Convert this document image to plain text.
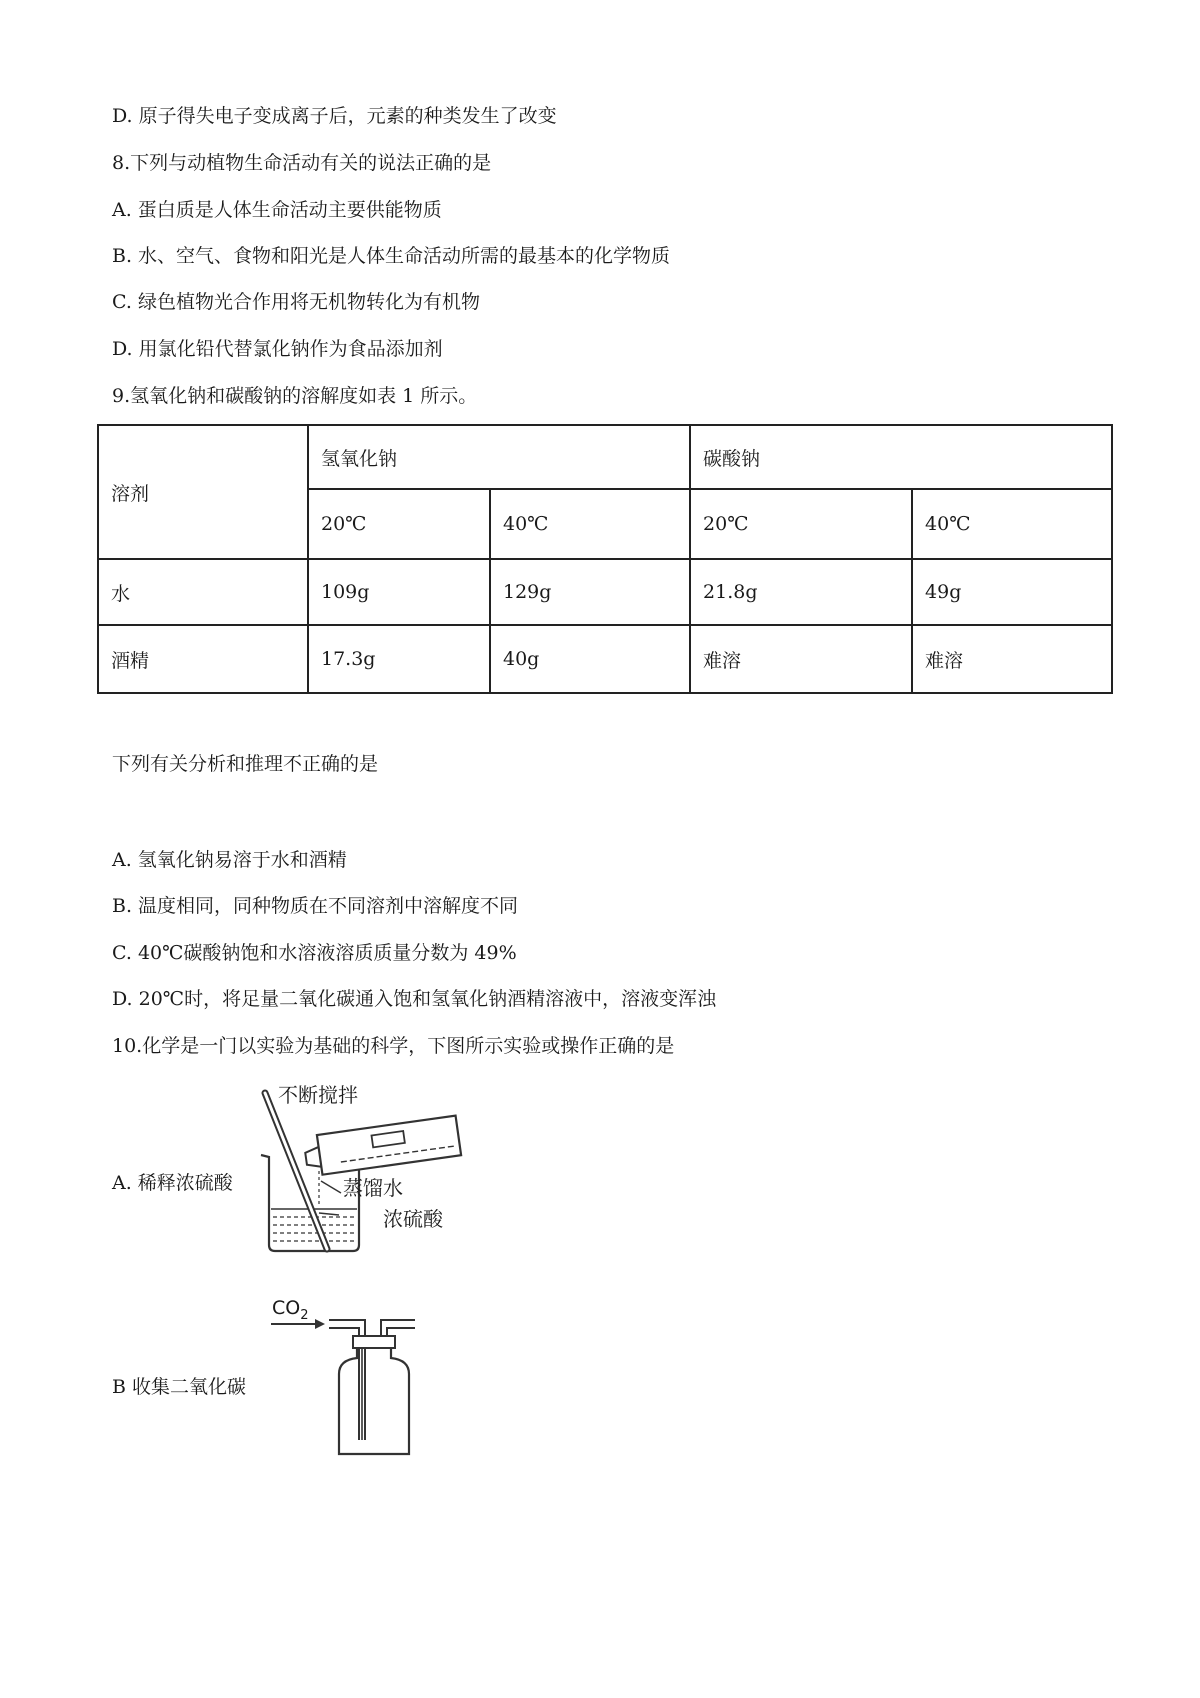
D. 原子得失电子变成离子后，元素的种类发生了改变
8.下列与动植物生命活动有关的说法正确的是
A. 蛋白质是人体生命活动主要供能物质
B. 水、空气、食物和阳光是人体生命活动所需的最基本的化学物质
C. 绿色植物光合作用将无机物转化为有机物
D. 用氯化铅代替氯化钠作为食品添加剂
9.氢氧化钠和碳酸钠的溶解度如表 1 所示。
溶剂	氢氧化钠		碳酸钠	
	20℃	40℃	20℃	40℃
水	109g	129g	21.8g	49g
酒精	17.3g	40g	难溶	难溶
下列有关分析和推理不正确的是
A. 氢氧化钠易溶于水和酒精
B. 温度相同，同种物质在不同溶剂中溶解度不同
C. 40℃碳酸钠饱和水溶液溶质质量分数为 49%
D. 20℃时，将足量二氧化碳通入饱和氢氧化钠酒精溶液中，溶液变浑浊
10.化学是一门以实验为基础的科学，下图所示实验或操作正确的是
A. 稀释浓硫酸
不断搅拌
蒸馏水
浓硫酸
B 收集二氧化碳
$CO_2$
